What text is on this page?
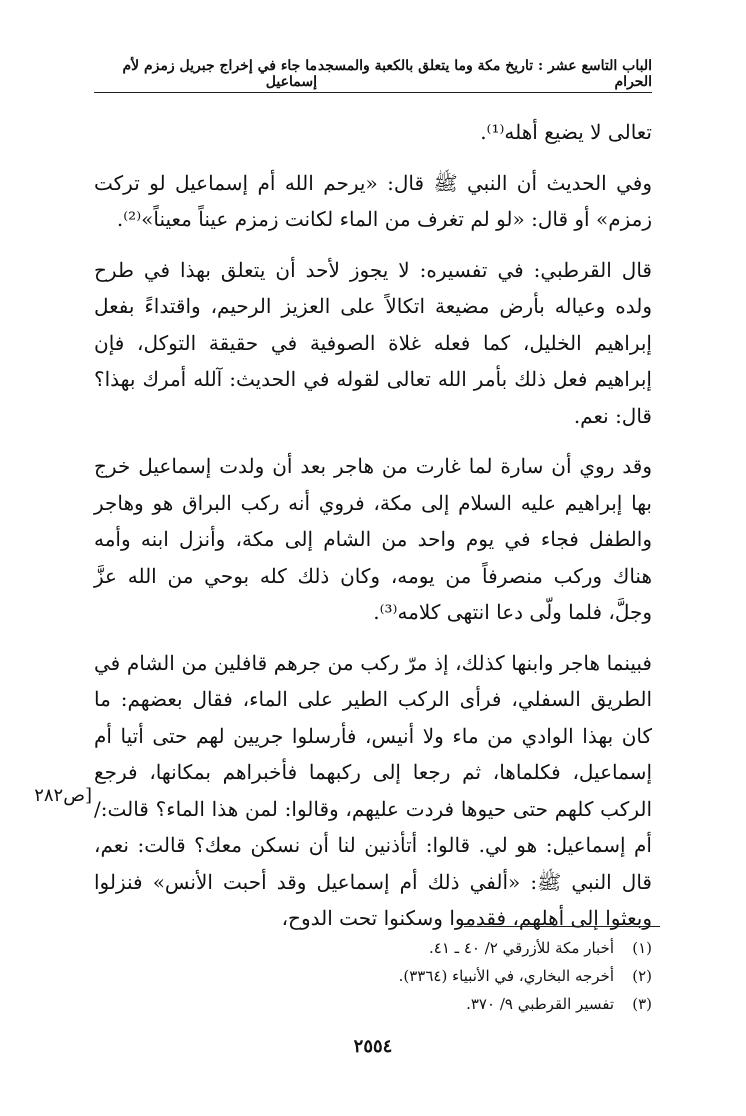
الباب التاسع عشر : تاريخ مكة وما يتعلق بالكعبة والمسجد الحرام
ما جاء في إخراج جبريل زمزم لأم إسماعيل

تعالى لا يضيع أهله⁽¹⁾.

وفي الحديث أن النبي ﷺ قال: «يرحم الله أم إسماعيل لو تركت زمزم» أو قال: «لو لم تغرف من الماء لكانت زمزم عيناً معيناً»⁽²⁾.

قال القرطبي: في تفسيره: لا يجوز لأحد أن يتعلق بهذا في طرح ولده وعياله بأرض مضيعة اتكالاً على العزيز الرحيم، واقتداءً بفعل إبراهيم الخليل، كما فعله غلاة الصوفية في حقيقة التوكل، فإن إبراهيم فعل ذلك بأمر الله تعالى لقوله في الحديث: آلله أمرك بهذا؟ قال: نعم.

وقد روي أن سارة لما غارت من هاجر بعد أن ولدت إسماعيل خرج بها إبراهيم عليه السلام إلى مكة، فروي أنه ركب البراق هو وهاجر والطفل فجاء في يوم واحد من الشام إلى مكة، وأنزل ابنه وأمه هناك وركب منصرفاً من يومه، وكان ذلك كله بوحي من الله عزَّ وجلَّ، فلما ولّى دعا انتهى كلامه⁽³⁾.

فبينما هاجر وابنها كذلك، إذ مرّ ركب من جرهم قافلين من الشام في الطريق السفلي، فرأى الركب الطير على الماء، فقال بعضهم: ما كان بهذا الوادي من ماء ولا أنيس، فأرسلوا جريين لهم حتى أتيا أم إسماعيل، فكلماها، ثم رجعا إلى ركبهما فأخبراهم بمكانها، فرجع الركب كلهم حتى حيوها فردت عليهم، وقالوا: لمن هذا الماء؟ قالت:/ أم إسماعيل: هو لي. قالوا: أتأذنين لنا أن نسكن معك؟ قالت: نعم، قال النبي ﷺ: «ألفي ذلك أم إسماعيل وقد أحبت الأنس» فنزلوا وبعثوا إلى أهلهم، فقدموا وسكنوا تحت الدوح،

[ص٢٨٢
(١)
أخبار مكة للأزرقي ٢/ ٤٠ ـ ٤١.
(٢)
أخرجه البخاري، في الأنبياء (٣٣٦٤).
(٣)
تفسير القرطبي ٩/ ٣٧٠.
٢٥٥٤
